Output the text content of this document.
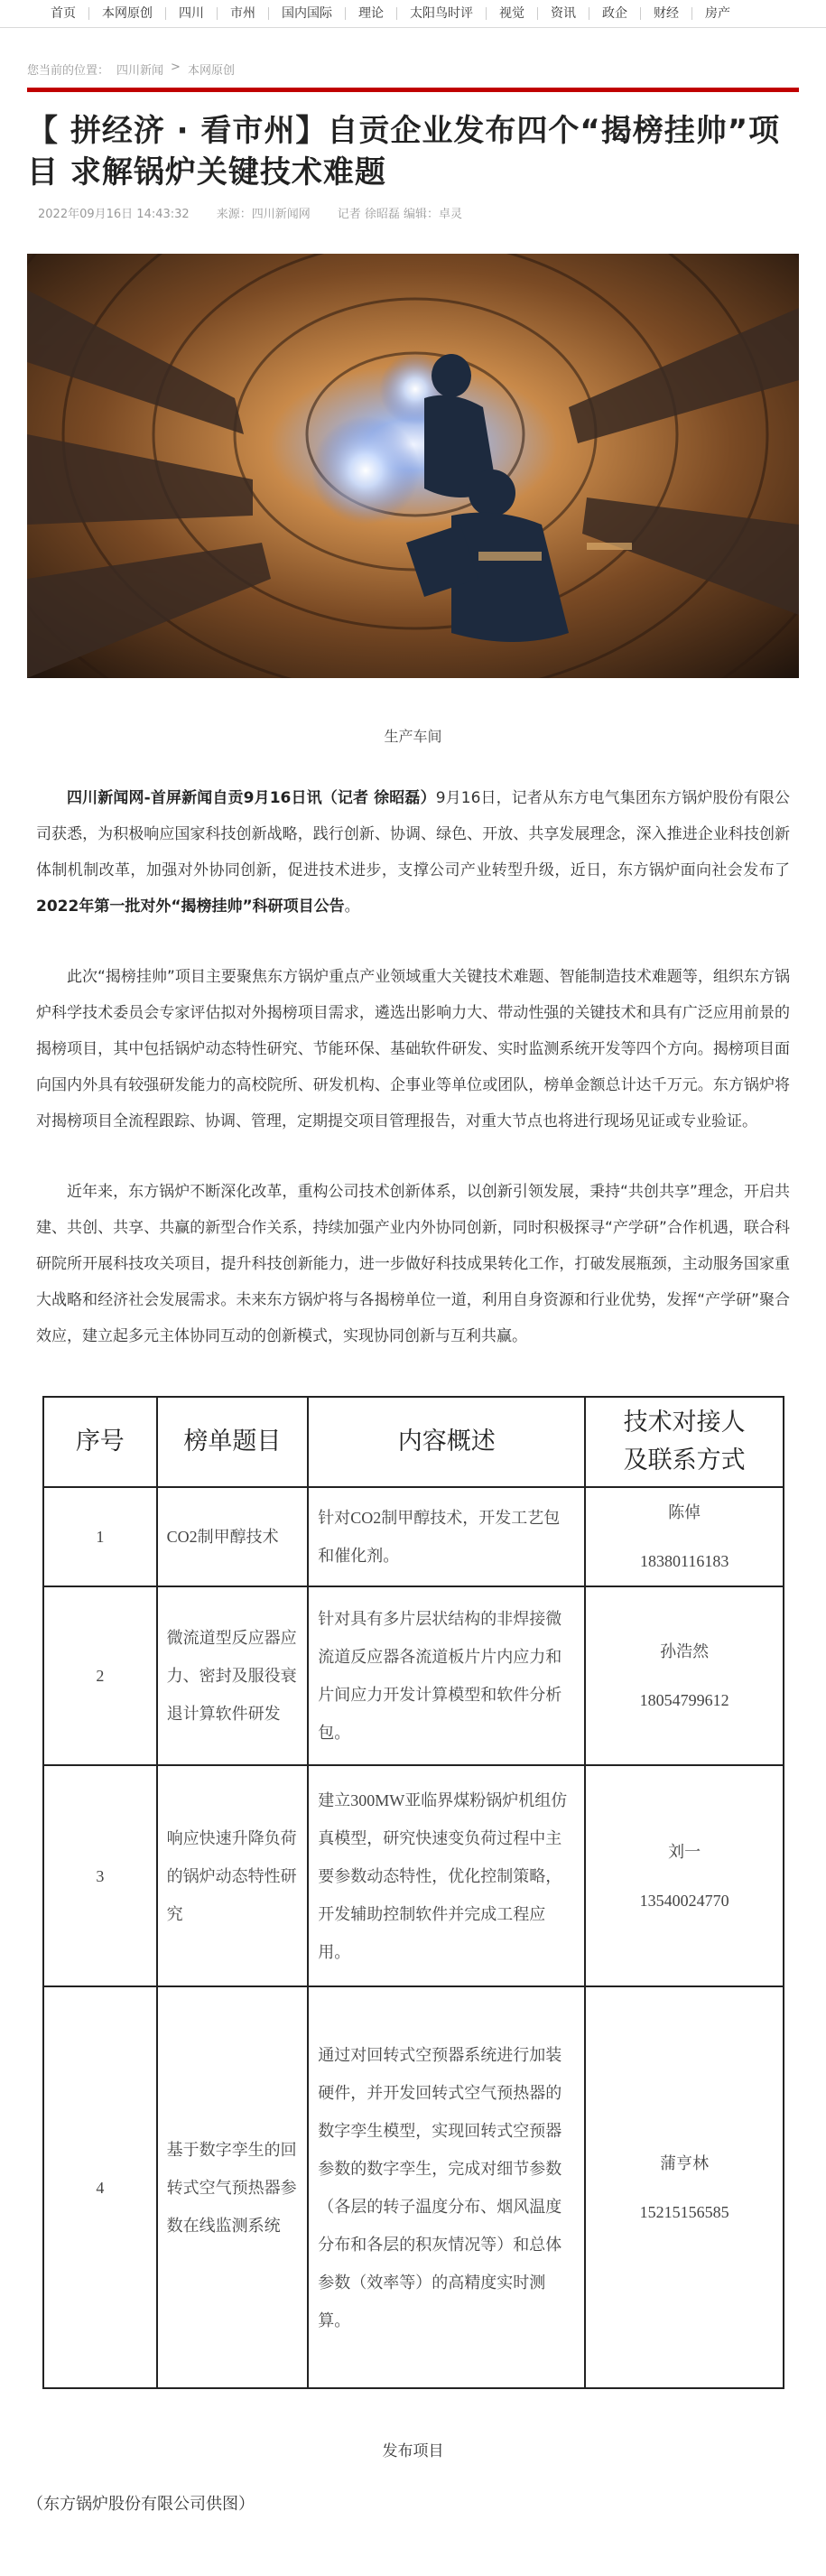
首页	本网原创	四川	市州	国内国际	理论	太阳鸟时评	视觉	资讯	政企	财经	房产
您当前的位置： 四川新闻 > 本网原创
【 拼经济 · 看市州】自贡企业发布四个“揭榜挂帅”项目 求解锅炉关键技术难题
2022年09月16日 14:43:32 来源：四川新闻网 记者 徐昭磊 编辑：卓灵
生产车间

四川新闻网-首屏新闻自贡9月16日讯（记者 徐昭磊）9月16日，记者从东方电气集团东方锅炉股份有限公司获悉，为积极响应国家科技创新战略，践行创新、协调、绿色、开放、共享发展理念，深入推进企业科技创新体制机制改革，加强对外协同创新，促进技术进步，支撑公司产业转型升级，近日，东方锅炉面向社会发布了2022年第一批对外“揭榜挂帅”科研项目公告。

此次“揭榜挂帅”项目主要聚焦东方锅炉重点产业领域重大关键技术难题、智能制造技术难题等，组织东方锅炉科学技术委员会专家评估拟对外揭榜项目需求，遴选出影响力大、带动性强的关键技术和具有广泛应用前景的揭榜项目，其中包括锅炉动态特性研究、节能环保、基础软件研发、实时监测系统开发等四个方向。揭榜项目面向国内外具有较强研发能力的高校院所、研发机构、企事业等单位或团队，榜单金额总计达千万元。东方锅炉将对揭榜项目全流程跟踪、协调、管理，定期提交项目管理报告，对重大节点也将进行现场见证或专业验证。

近年来，东方锅炉不断深化改革，重构公司技术创新体系，以创新引领发展，秉持“共创共享”理念，开启共建、共创、共享、共赢的新型合作关系，持续加强产业内外协同创新，同时积极探寻“产学研”合作机遇，联合科研院所开展科技攻关项目，提升科技创新能力，进一步做好科技成果转化工作，打破发展瓶颈，主动服务国家重大战略和经济社会发展需求。未来东方锅炉将与各揭榜单位一道，利用自身资源和行业优势，发挥“产学研”聚合效应，建立起多元主体协同互动的创新模式，实现协同创新与互利共赢。

序号	榜单题目	内容概述	技术对接人
及联系方式
1	CO2制甲醇技术	针对CO2制甲醇技术，开发工艺包和催化剂。	陈倬
18380116183
2	微流道型反应器应力、密封及服役衰退计算软件研发	针对具有多片层状结构的非焊接微流道反应器各流道板片片内应力和片间应力开发计算模型和软件分析包。	孙浩然
18054799612
3	响应快速升降负荷的锅炉动态特性研究	建立300MW亚临界煤粉锅炉机组仿真模型，研究快速变负荷过程中主要参数动态特性，优化控制策略，开发辅助控制软件并完成工程应用。	刘一
13540024770
4	基于数字孪生的回转式空气预热器参数在线监测系统	通过对回转式空预器系统进行加装硬件，并开发回转式空气预热器的数字孪生模型，实现回转式空预器参数的数字孪生，完成对细节参数（各层的转子温度分布、烟风温度分布和各层的积灰情况等）和总体参数（效率等）的高精度实时测算。	蒲亨林
15215156585
发布项目
（东方锅炉股份有限公司供图）
